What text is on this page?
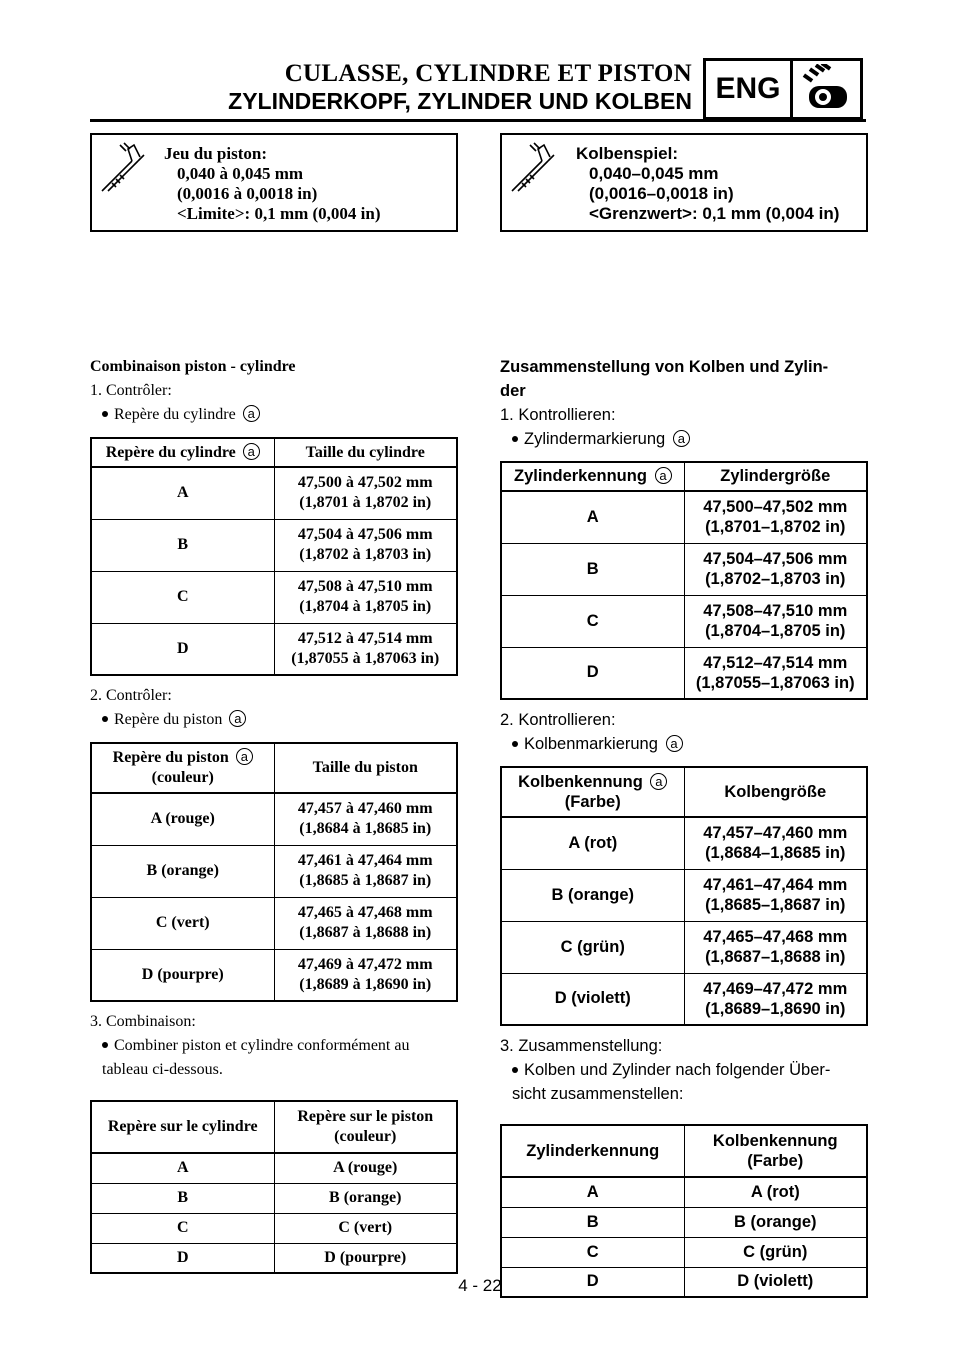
CULASSE, CYLINDRE ET PISTON
ZYLINDERKOPF, ZYLINDER UND KOLBEN ENG
Jeu du piston:
0,040 à 0,045 mm
(0,0016 à 0,0018 in)
<Limite>: 0,1 mm (0,004 in)
Kolbenspiel:
0,040–0,045 mm
(0,0016–0,0018 in)
<Grenzwert>: 0,1 mm (0,004 in)
Combinaison piston - cylindre
1. Contrôler:
Repère du cylindre a
Repère du cylindre a	Taille du cylindre
A	47,500 à 47,502 mm
(1,8701 à 1,8702 in)

B	47,504 à 47,506 mm
(1,8702 à 1,8703 in)

C	47,508 à 47,510 mm
(1,8704 à 1,8705 in)

D	47,512 à 47,514 mm
(1,87055 à 1,87063 in)
2. Contrôler:
Repère du piston a
Repère du piston a
(couleur)	Taille du piston
A (rouge)	47,457 à 47,460 mm
(1,8684 à 1,8685 in)

B (orange)	47,461 à 47,464 mm
(1,8685 à 1,8687 in)

C (vert)	47,465 à 47,468 mm
(1,8687 à 1,8688 in)

D (pourpre)	47,469 à 47,472 mm
(1,8689 à 1,8690 in)
3. Combinaison:
Combiner piston et cylindre conformément au
tableau ci-dessous.
Repère sur le cylindre	Repère sur le piston
(couleur)

A	A (rouge)
B	B (orange)
C	C (vert)
D	D (pourpre)
Zusammenstellung von Kolben und Zylin-
der
1. Kontrollieren:
Zylindermarkierung a
Zylinderkennung a	Zylindergröße
A	47,500–47,502 mm
(1,8701–1,8702 in)

B	47,504–47,506 mm
(1,8702–1,8703 in)

C	47,508–47,510 mm
(1,8704–1,8705 in)

D	47,512–47,514 mm
(1,87055–1,87063 in)
2. Kontrollieren:
Kolbenmarkierung a
Kolbenkennung a
(Farbe)	Kolbengröße
A (rot)	47,457–47,460 mm
(1,8684–1,8685 in)

B (orange)	47,461–47,464 mm
(1,8685–1,8687 in)

C (grün)	47,465–47,468 mm
(1,8687–1,8688 in)

D (violett)	47,469–47,472 mm
(1,8689–1,8690 in)
3. Zusammenstellung:
Kolben und Zylinder nach folgender Über-
sicht zusammenstellen:
Zylinderkennung	Kolbenkennung
(Farbe)

A	A (rot)
B	B (orange)
C	C (grün)
D	D (violett)
4 - 22
